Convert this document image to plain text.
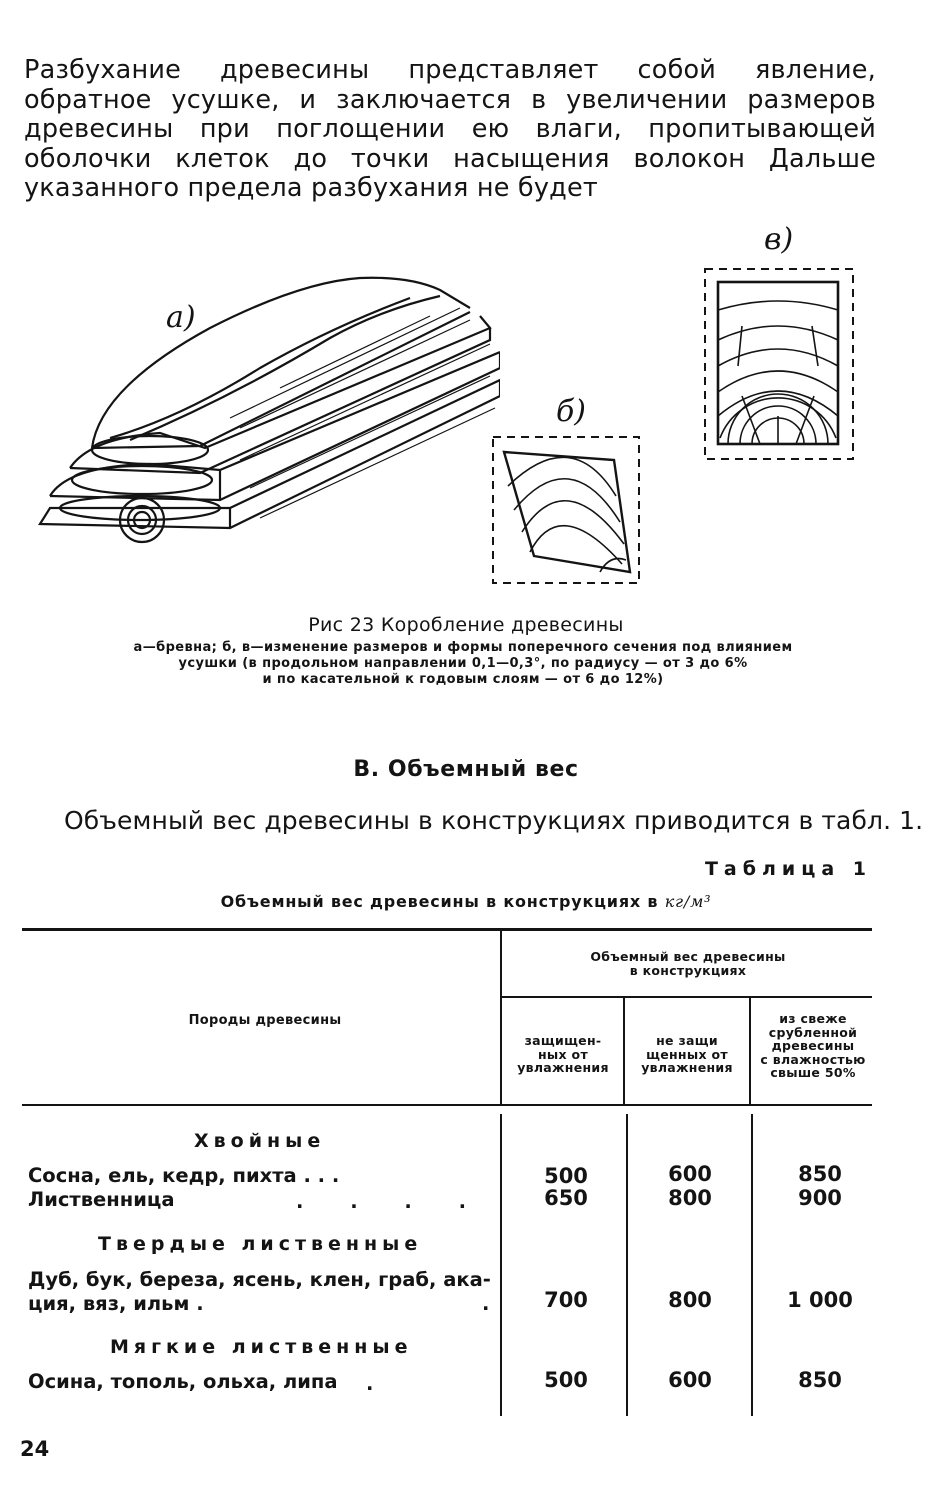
Разбухание древесины представляет собой явление, обратное усушке, и заключается в увеличении размеров древесины при поглощении ею влаги, пропитывающей оболочки клеток до точки насыщения волокон Дальше указанного предела разбухания не будет
а)
б)
в)
Рис 23 Коробление древесины
а—бревна; б, в—изменение размеров и формы поперечного сечения под влиянием
усушки (в продольном направлении 0,1—0,3°, по радиусу — от 3 до 6%
и по касательной к годовым слоям — от 6 до 12%)
В. Объемный вес
Объемный вес древесины в конструкциях приводится в табл. 1.
Таблица 1
Объемный вес древесины в конструкциях в кг/м³
Породы древесины
Объемный вес древесины
в конструкциях
защищен-
ных от
увлажнения
не защи
щенных от
увлажнения
из свеже
срубленной
древесины
с влажностью
свыше 50%
Хвойные
Сосна, ель, кедр, пихта . . .	500	600	850
Лиственница	. . . .	650	800	900
Твердые лиственные
Дуб, бук, береза, ясень, клен, граб, ака-
ция, вяз, ильм .	.	700	800	1 000
Мягкие лиственные
Осина, тополь, ольха, липа .	500	600	850
24
